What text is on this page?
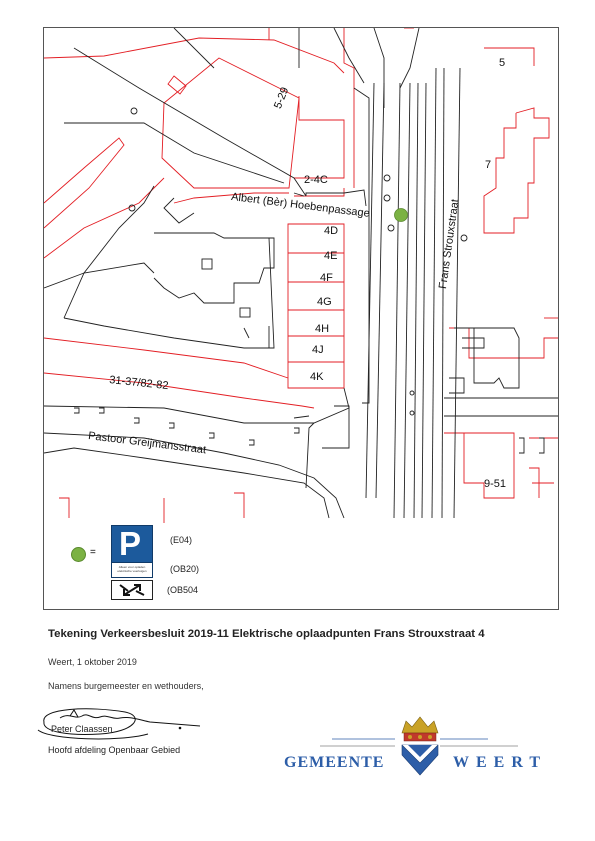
5
5-29
2-4C
Albert (Bèr) Hoebenpassage
7
4D
4E
4F
4G
4H
4J
4K
Frans Strouxstraat
31-37/82-82
Pastoor Greijmansstraat
9-51
= P
Alleen voor opladen elektrische voertuigen
(E04)
(OB20)
(OB504
Tekening Verkeersbesluit 2019-11 Elektrische oplaadpunten Frans Strouxstraat 4
Weert, 1 oktober 2019
Namens burgemeester en wethouders,
Peter Claassen
Hoofd afdeling Openbaar Gebied
GEMEENTE	WEERT
